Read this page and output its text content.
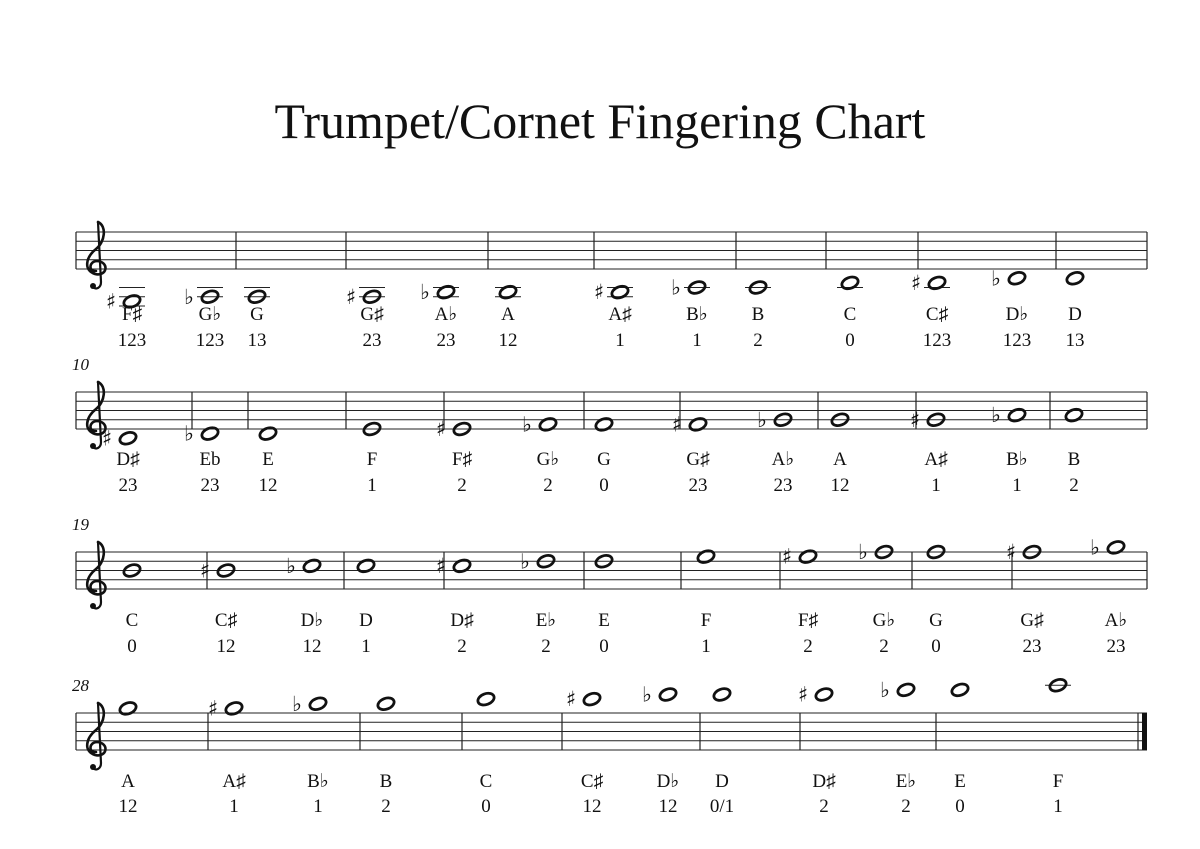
Trumpet/Cornet Fingering Chart
♯
F♯
123
♭
G♭
123
G
13
♯
G♯
23
♭
A♭
23
A
12
♯
A♯
1
♭
B♭
1
B
2
C
0
♯
C♯
123
♭
D♭
123
D
13
10
♯
D♯
23
♭
Eb
23
E
12
F
1
♯
F♯
2
♭
G♭
2
G
0
♯
G♯
23
♭
A♭
23
A
12
♯
A♯
1
♭
B♭
1
B
2
19
C
0
♯
C♯
12
♭
D♭
12
D
1
♯
D♯
2
♭
E♭
2
E
0
F
1
♯
F♯
2
♭
G♭
2
G
0
♯
G♯
23
♭
A♭
23
28
A
12
♯
A♯
1
♭
B♭
1
B
2
C
0
♯
C♯
12
♭
D♭
12
D
0/1
♯
D♯
2
♭
E♭
2
E
0
F
1
